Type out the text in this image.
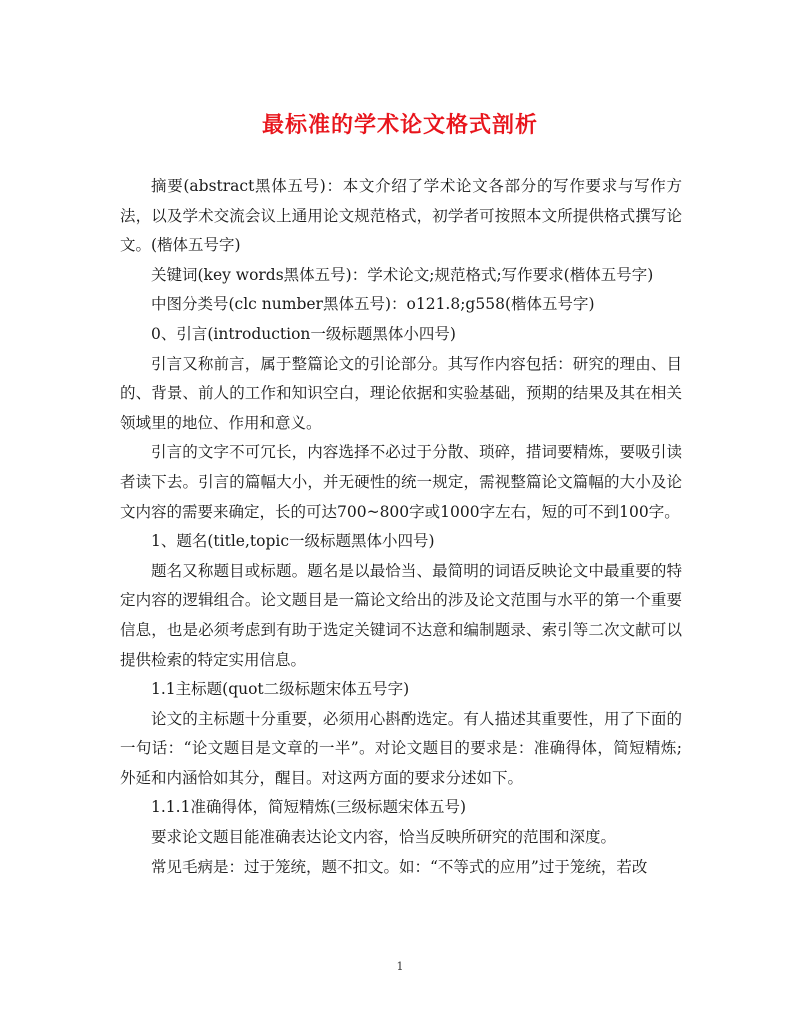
最标准的学术论文格式剖析

摘要(abstract黑体五号)：本文介绍了学术论文各部分的写作要求与写作方法，以及学术交流会议上通用论文规范格式，初学者可按照本文所提供格式撰写论文。(楷体五号字)

关键词(key words黑体五号)：学术论文;规范格式;写作要求(楷体五号字)

中图分类号(clc number黑体五号)：o121.8;g558(楷体五号字)

0、引言(introduction一级标题黑体小四号)

引言又称前言，属于整篇论文的引论部分。其写作内容包括：研究的理由、目的、背景、前人的工作和知识空白，理论依据和实验基础，预期的结果及其在相关领域里的地位、作用和意义。

引言的文字不可冗长，内容选择不必过于分散、琐碎，措词要精炼，要吸引读者读下去。引言的篇幅大小，并无硬性的统一规定，需视整篇论文篇幅的大小及论文内容的需要来确定，长的可达700~800字或1000字左右，短的可不到100字。

1、题名(title,topic一级标题黑体小四号)

题名又称题目或标题。题名是以最恰当、最简明的词语反映论文中最重要的特定内容的逻辑组合。论文题目是一篇论文给出的涉及论文范围与水平的第一个重要信息，也是必须考虑到有助于选定关键词不达意和编制题录、索引等二次文献可以提供检索的特定实用信息。

1.1主标题(quot二级标题宋体五号字)

论文的主标题十分重要，必须用心斟酌选定。有人描述其重要性，用了下面的一句话：“论文题目是文章的一半”。对论文题目的要求是：准确得体，简短精炼;外延和内涵恰如其分，醒目。对这两方面的要求分述如下。

1.1.1准确得体，简短精炼(三级标题宋体五号)

要求论文题目能准确表达论文内容，恰当反映所研究的范围和深度。

常见毛病是：过于笼统，题不扣文。如：“不等式的应用”过于笼统，若改

1
